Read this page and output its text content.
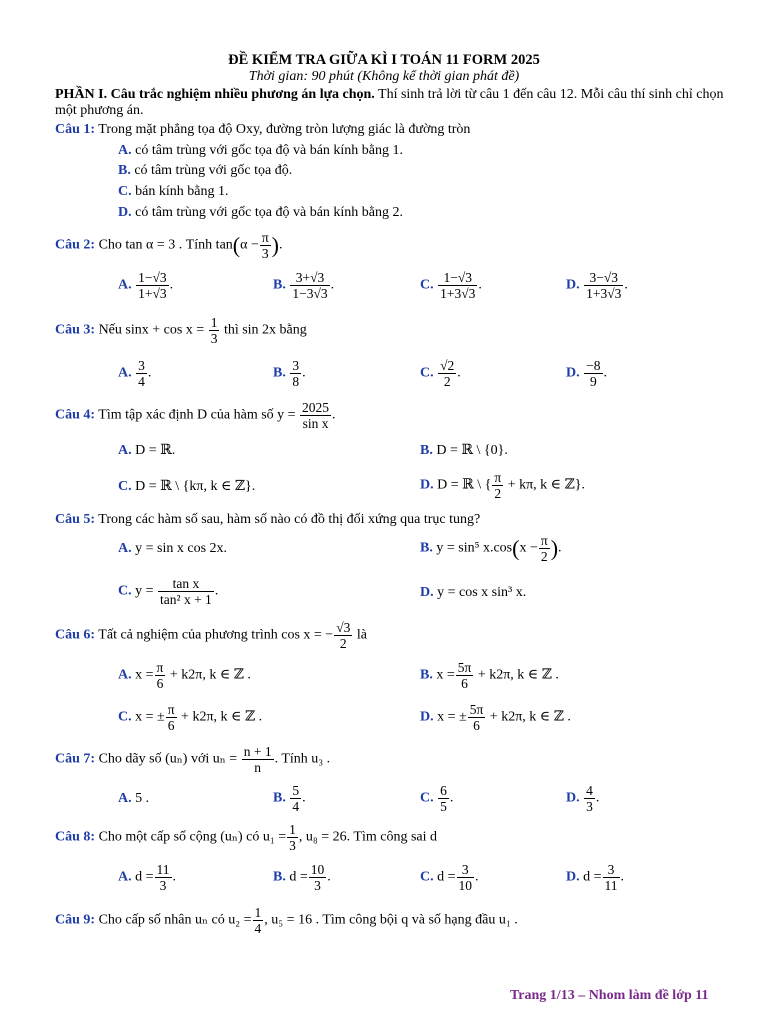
ĐỀ KIỂM TRA GIỮA KÌ I TOÁN 11 FORM 2025
Thời gian: 90 phút (Không kể thời gian phát đề)
PHẦN I. Câu trắc nghiệm nhiều phương án lựa chọn. Thí sinh trả lời từ câu 1 đến câu 12. Mỗi câu thí sinh chỉ chọn một phương án.
Câu 1: Trong mặt phẳng tọa độ Oxy, đường tròn lượng giác là đường tròn
A. có tâm trùng với gốc tọa độ và bán kính bằng 1.
B. có tâm trùng với gốc tọa độ.
C. bán kính bằng 1.
D. có tâm trùng với gốc tọa độ và bán kính bằng 2.
Câu 2: Cho tan α = 3 . Tính $\tan(\alpha - \frac{\pi}{3}$ ).
A. $\frac{1-√3}{1+√3}$ .	B. $\frac{3+√3}{1-3√3}$ .	C. $\frac{1-√3}{1+3√3}$ .	D. $\frac{3-√3}{1+3√3}$ .
Câu 3: Nếu $\sin x + \cos x = \frac{1}{3}$ thì sin 2x bằng
A. $\frac{3}{4}$ .	B. $\frac{3}{8}$ .	C. $\frac{√2}{2}$ .	D. $\frac{-8}{9}$ .
Câu 4: Tìm tập xác định D của hàm số $y = \frac{2025}{\text{sin x}}$ .
A. D = ℝ.	B. D = ℝ \ {0}.
C. D = ℝ \ {kπ, k ∈ ℤ}.	D. D = ℝ \ { $\frac{\pi}{2} + k\pi$, k ∈ ℤ}.
Câu 5: Trong các hàm số sau, hàm số nào có đồ thị đối xứng qua trục tung?
A. y = sin x cos 2x.	B. y = sin⁵ $x.\cos(x - \frac{\pi}{2}$ ).
C. $y = \frac{\text{tan x}}{\text{tan² x + 1}}$ .	D. y = cos x sin³ x.
Câu 6: Tất cả nghiệm của phương trình cos x = − $\frac{√3}{2}$ là
A. $x = \frac{\pi}{6} + k2\pi$, k ∈ ℤ .	B. $x = \frac{5\pi}{6} + k2\pi$, k ∈ ℤ .
C. x = ± $\frac{\pi}{6} + k2\pi$, k ∈ ℤ .	D. x = ± $\frac{5\pi}{6} + k2\pi$, k ∈ ℤ .
Câu 7: Cho dãy số (uₙ) với $u_n = \frac{n + 1}{n}$ . Tính u₃ .
A. 5 .	B. $\frac{5}{4}$ .	C. $\frac{6}{5}$ .	D. $\frac{4}{3}$ .
Câu 8: Cho một cấp số cộng (uₙ) có $u_1 = \frac{1}{3}$ , u₈ = 26. Tìm công sai d
A. $d = \frac{11}{3}$ .	B. $d = \frac{10}{3}$ .	C. $d = \frac{3}{10}$ .	D. $d = \frac{3}{11}$ .
Câu 9: Cho cấp số nhân uₙ có $u_2 = \frac{1}{4}$ , u₅ = 16 . Tìm công bội q và số hạng đầu u₁ .
Trang 1/13 – Nhom làm đề lớp 11
